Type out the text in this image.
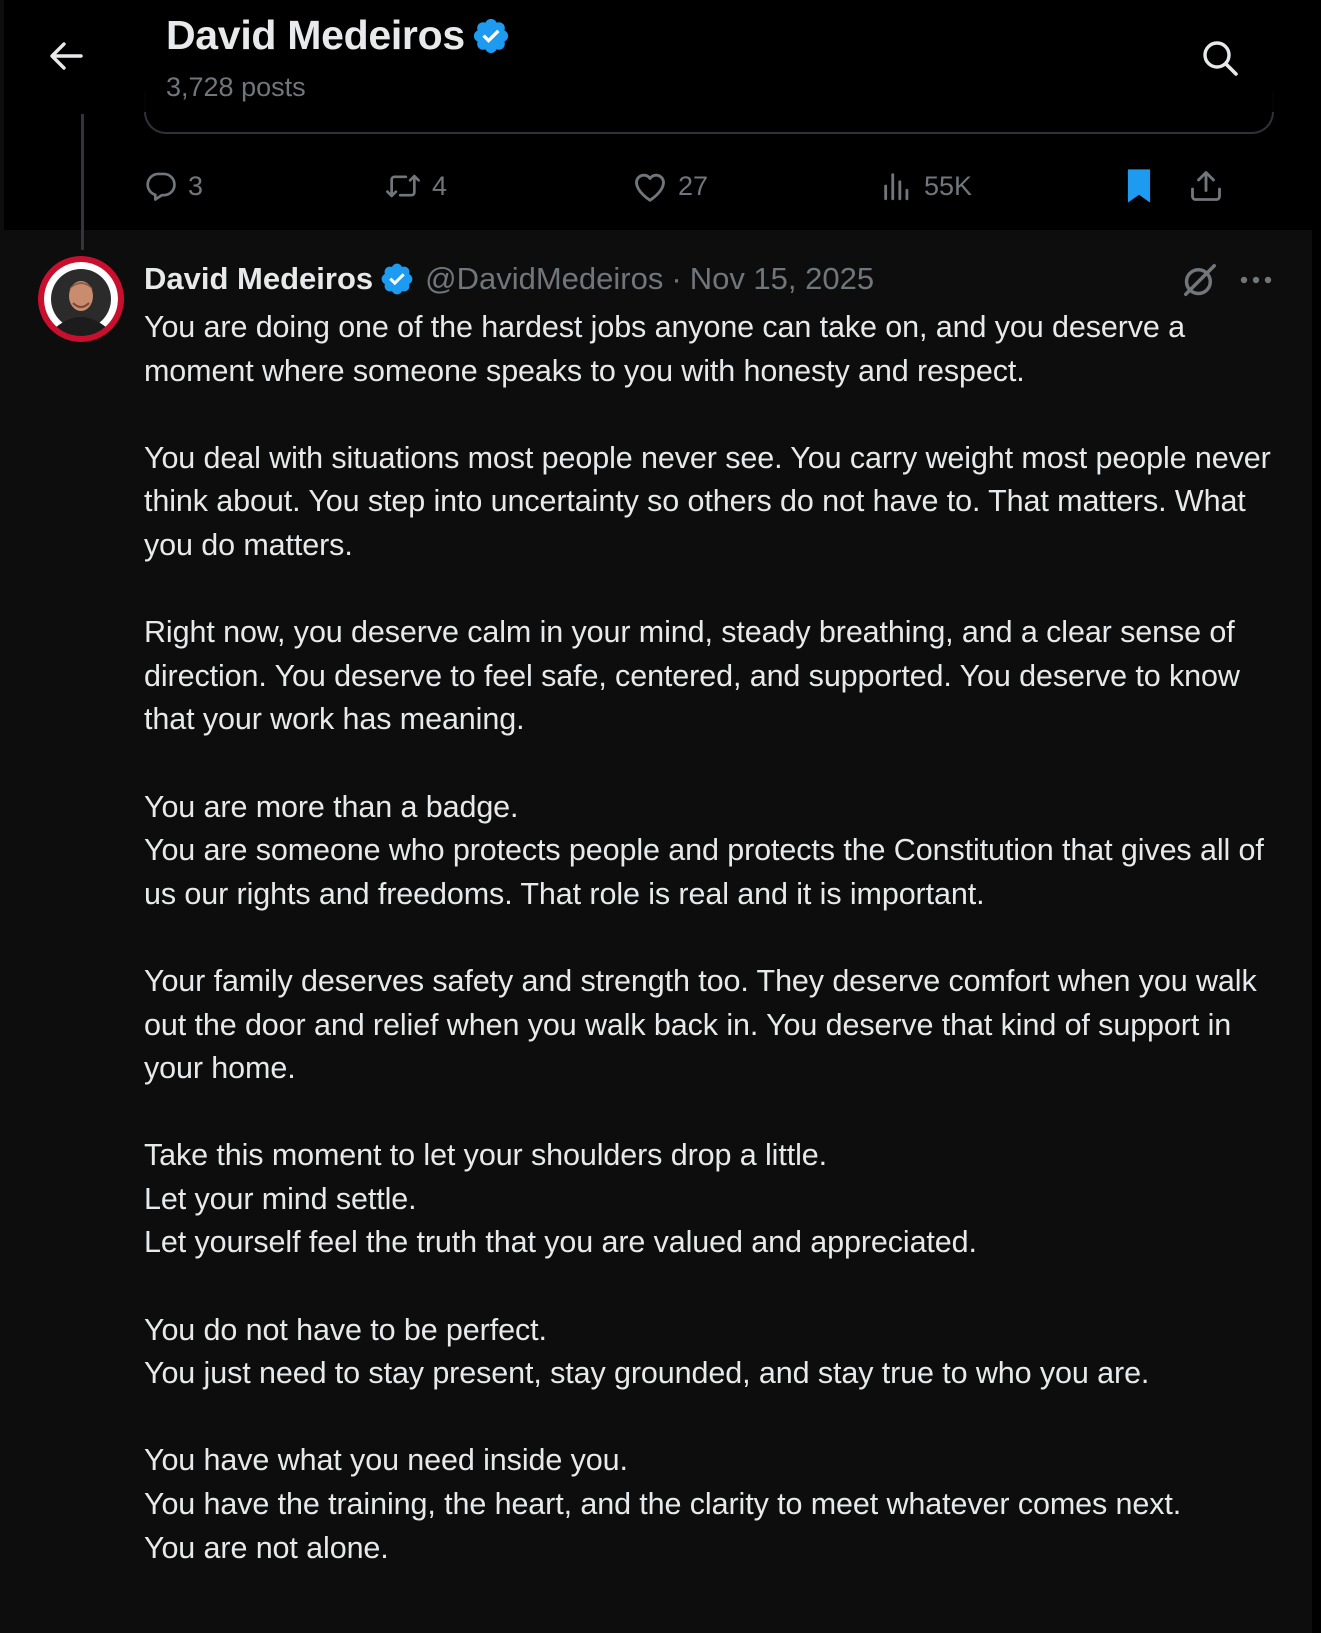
David Medeiros
3,728 posts
3	4	27	55K
David Medeiros @DavidMedeiros · Nov 15, 2025

You are doing one of the hardest jobs anyone can take on, and you deserve a moment where someone speaks to you with honesty and respect.

You deal with situations most people never see. You carry weight most people never think about. You step into uncertainty so others do not have to. That matters. What you do matters.

Right now, you deserve calm in your mind, steady breathing, and a clear sense of direction. You deserve to feel safe, centered, and supported. You deserve to know that your work has meaning.

You are more than a badge.
You are someone who protects people and protects the Constitution that gives all of us our rights and freedoms. That role is real and it is important.

Your family deserves safety and strength too. They deserve comfort when you walk out the door and relief when you walk back in. You deserve that kind of support in your home.

Take this moment to let your shoulders drop a little.
Let your mind settle.
Let yourself feel the truth that you are valued and appreciated.

You do not have to be perfect.
You just need to stay present, stay grounded, and stay true to who you are.

You have what you need inside you.
You have the training, the heart, and the clarity to meet whatever comes next.
You are not alone.
